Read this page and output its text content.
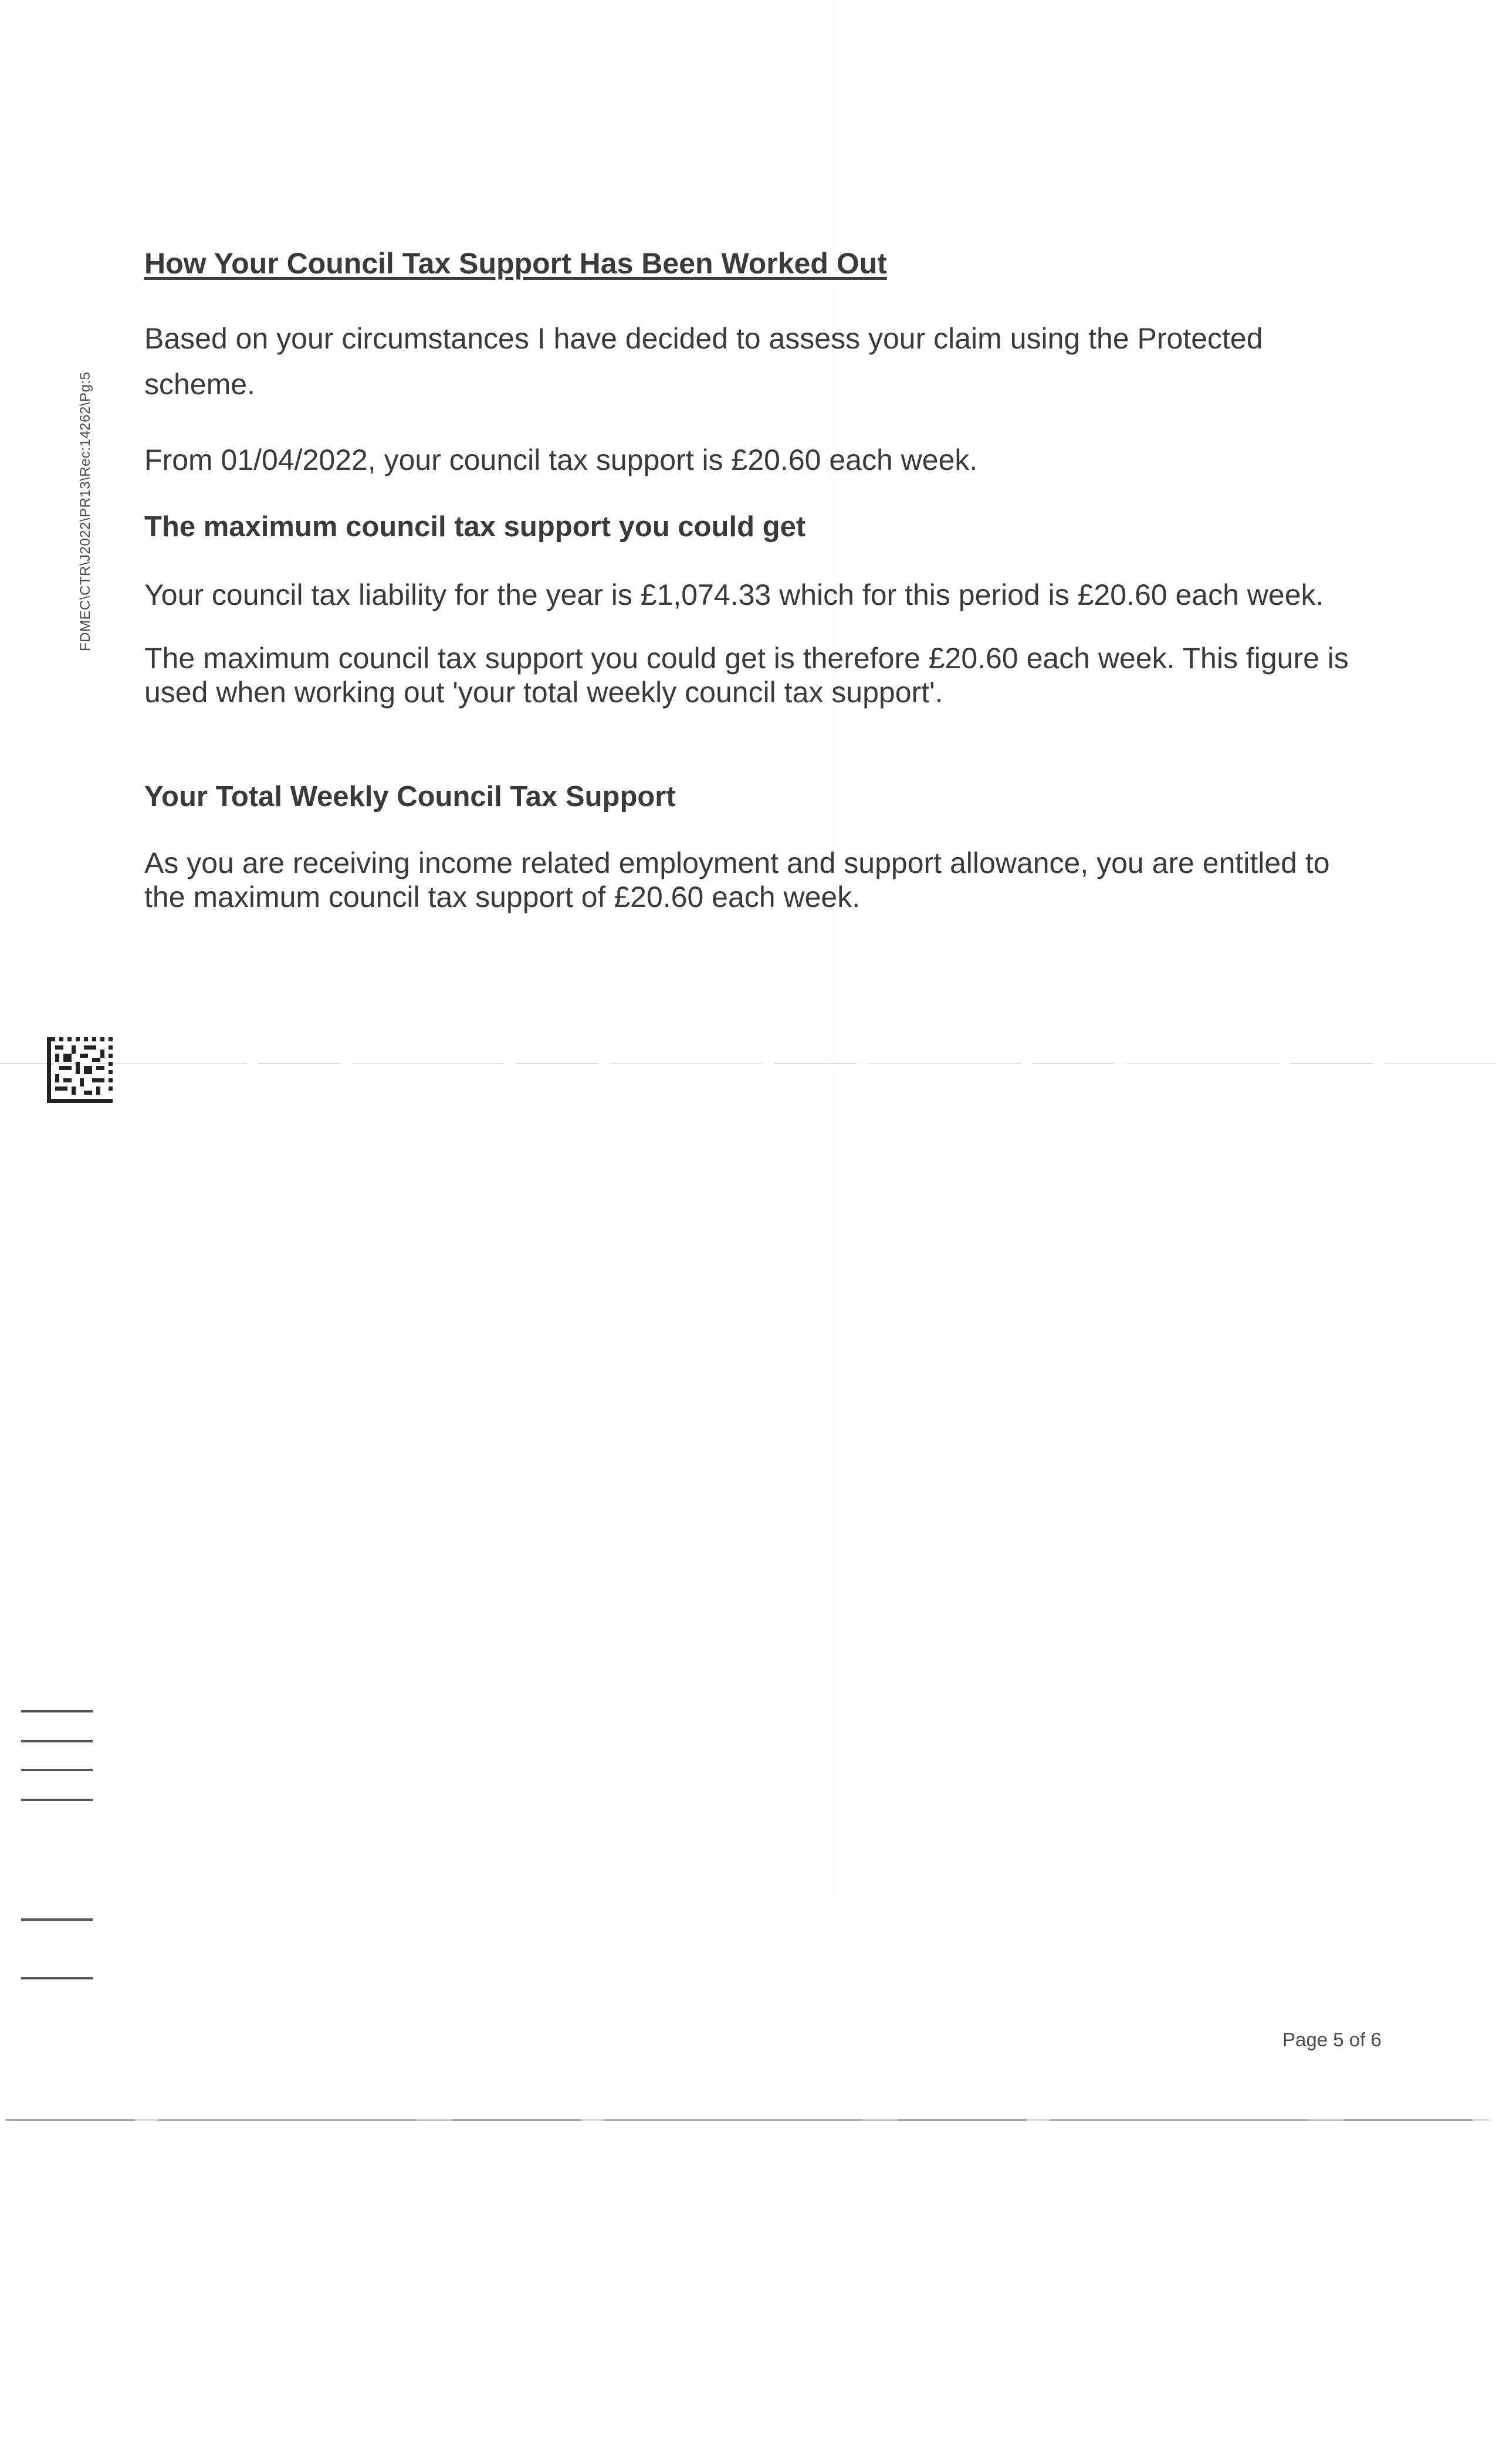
FDMEC\CTR\J2022\PR13\Rec:14262\Pg:5
How Your Council Tax Support Has Been Worked Out

Based on your circumstances I have decided to assess your claim using the Protected scheme.

From 01/04/2022, your council tax support is £20.60 each week.

The maximum council tax support you could get

Your council tax liability for the year is £1,074.33 which for this period is £20.60 each week.

The maximum council tax support you could get is therefore £20.60 each week. This figure is used when working out 'your total weekly council tax support'.

Your Total Weekly Council Tax Support

As you are receiving income related employment and support allowance, you are entitled to the maximum council tax support of £20.60 each week.

Page 5 of 6
